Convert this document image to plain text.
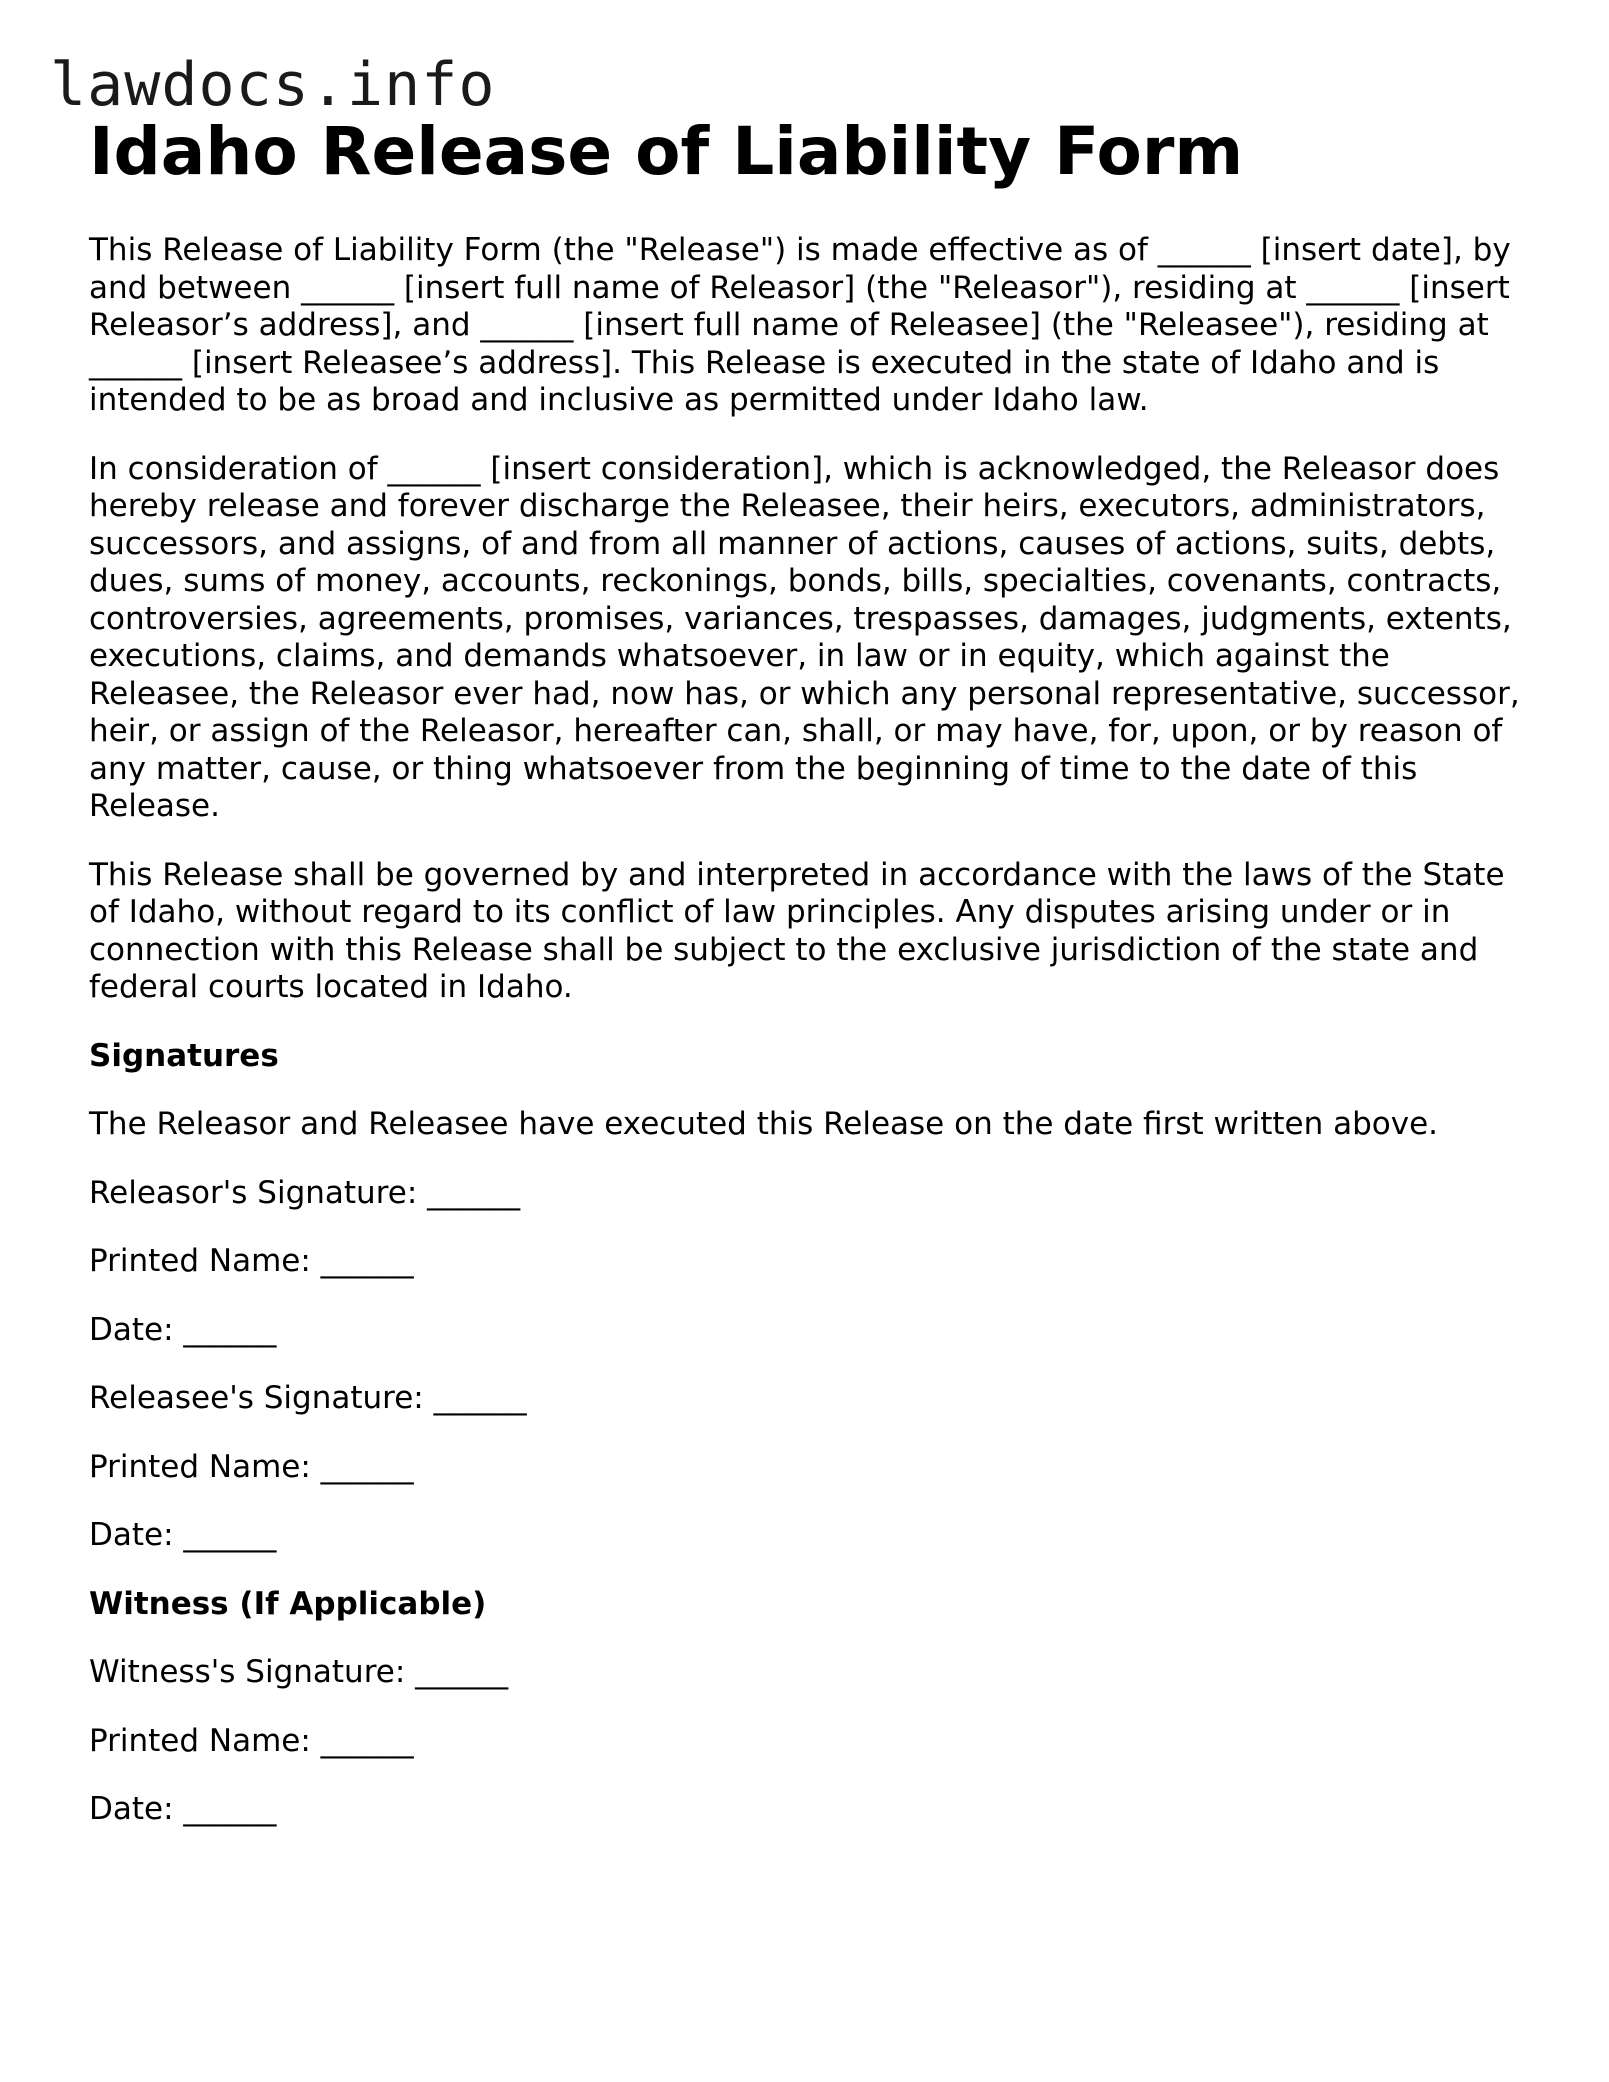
lawdocs.info
Idaho Release of Liability Form

This Release of Liability Form (the "Release") is made effective as of ______ [insert date], by and between ______ [insert full name of Releasor] (the "Releasor"), residing at ______ [insert Releasor’s address], and ______ [insert full name of Releasee] (the "Releasee"), residing at ______ [insert Releasee’s address]. This Release is executed in the state of Idaho and is intended to be as broad and inclusive as permitted under Idaho law.

In consideration of ______ [insert consideration], which is acknowledged, the Releasor does hereby release and forever discharge the Releasee, their heirs, executors, administrators, successors, and assigns, of and from all manner of actions, causes of actions, suits, debts, dues, sums of money, accounts, reckonings, bonds, bills, specialties, covenants, contracts, controversies, agreements, promises, variances, trespasses, damages, judgments, extents, executions, claims, and demands whatsoever, in law or in equity, which against the Releasee, the Releasor ever had, now has, or which any personal representative, successor, heir, or assign of the Releasor, hereafter can, shall, or may have, for, upon, or by reason of any matter, cause, or thing whatsoever from the beginning of time to the date of this Release.

This Release shall be governed by and interpreted in accordance with the laws of the State of Idaho, without regard to its conflict of law principles. Any disputes arising under or in connection with this Release shall be subject to the exclusive jurisdiction of the state and federal courts located in Idaho.

Signatures

The Releasor and Releasee have executed this Release on the date first written above.

Releasor's Signature: ______

Printed Name: ______

Date: ______

Releasee's Signature: ______

Printed Name: ______

Date: ______

Witness (If Applicable)

Witness's Signature: ______

Printed Name: ______

Date: ______
